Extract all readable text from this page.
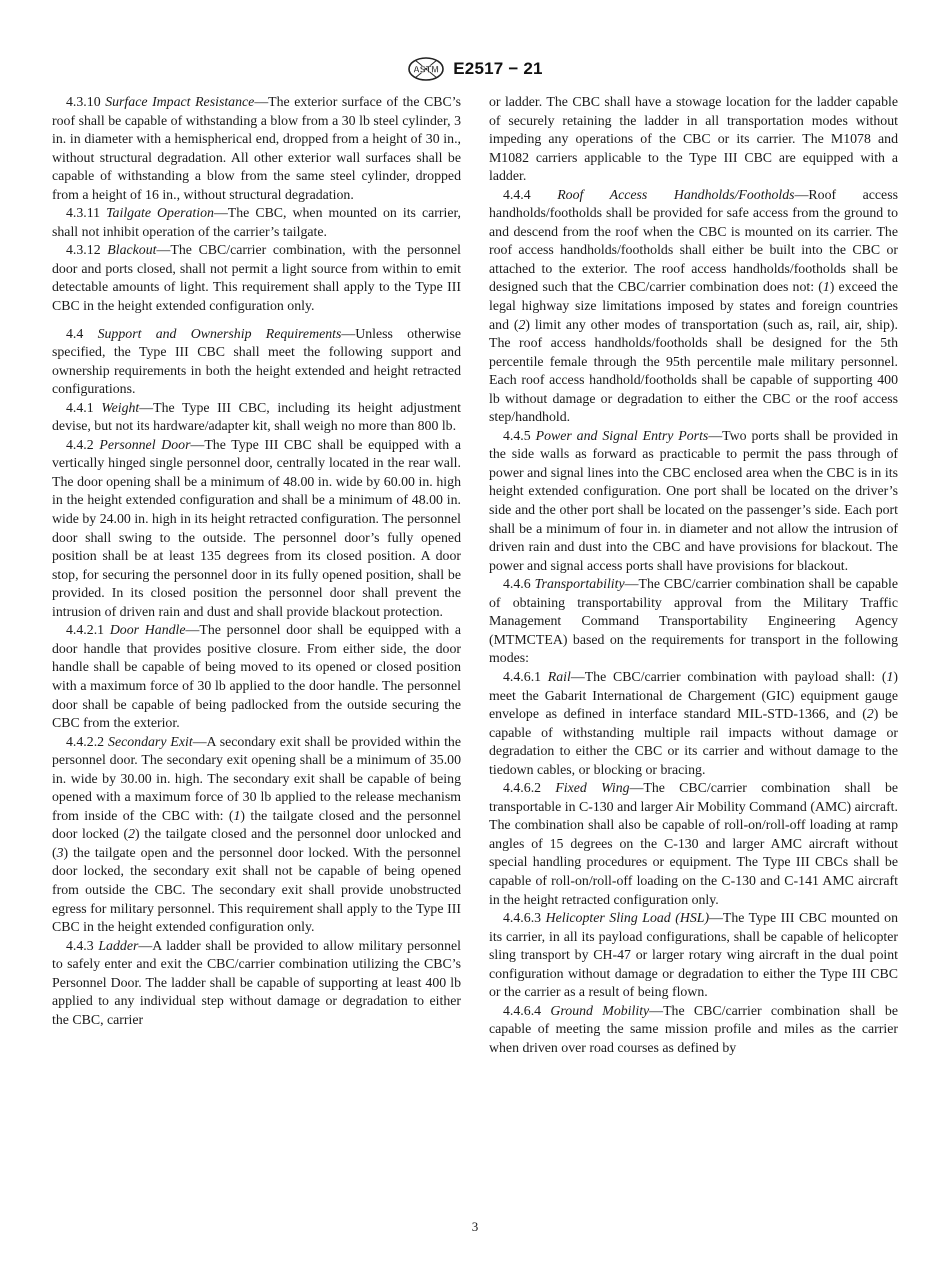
ASTM E2517 − 21

4.3.10 Surface Impact Resistance—The exterior surface of the CBC’s roof shall be capable of withstanding a blow from a 30 lb steel cylinder, 3 in. in diameter with a hemispherical end, dropped from a height of 30 in., without structural degradation. All other exterior wall surfaces shall be capable of withstanding a blow from the same steel cylinder, dropped from a height of 16 in., without structural degradation.

4.3.11 Tailgate Operation—The CBC, when mounted on its carrier, shall not inhibit operation of the carrier’s tailgate.

4.3.12 Blackout—The CBC/carrier combination, with the personnel door and ports closed, shall not permit a light source from within to emit detectable amounts of light. This requirement shall apply to the Type III CBC in the height extended configuration only.

4.4 Support and Ownership Requirements—Unless otherwise specified, the Type III CBC shall meet the following support and ownership requirements in both the height extended and height retracted configurations.

4.4.1 Weight—The Type III CBC, including its height adjustment devise, but not its hardware/adapter kit, shall weigh no more than 800 lb.

4.4.2 Personnel Door—The Type III CBC shall be equipped with a vertically hinged single personnel door, centrally located in the rear wall. The door opening shall be a minimum of 48.00 in. wide by 60.00 in. high in the height extended configuration and shall be a minimum of 48.00 in. wide by 24.00 in. high in its height retracted configuration. The personnel door shall swing to the outside. The personnel door’s fully opened position shall be at least 135 degrees from its closed position. A door stop, for securing the personnel door in its fully opened position, shall be provided. In its closed position the personnel door shall prevent the intrusion of driven rain and dust and shall provide blackout protection.

4.4.2.1 Door Handle—The personnel door shall be equipped with a door handle that provides positive closure. From either side, the door handle shall be capable of being moved to its opened or closed position with a maximum force of 30 lb applied to the door handle. The personnel door shall be capable of being padlocked from the outside securing the CBC from the exterior.

4.4.2.2 Secondary Exit—A secondary exit shall be provided within the personnel door. The secondary exit opening shall be a minimum of 35.00 in. wide by 30.00 in. high. The secondary exit shall be capable of being opened with a maximum force of 30 lb applied to the release mechanism from inside of the CBC with: (1) the tailgate closed and the personnel door locked (2) the tailgate closed and the personnel door unlocked and (3) the tailgate open and the personnel door locked. With the personnel door locked, the secondary exit shall not be capable of being opened from outside the CBC. The secondary exit shall provide unobstructed egress for military personnel. This requirement shall apply to the Type III CBC in the height extended configuration only.

4.4.3 Ladder—A ladder shall be provided to allow military personnel to safely enter and exit the CBC/carrier combination utilizing the CBC’s Personnel Door. The ladder shall be capable of supporting at least 400 lb applied to any individual step without damage or degradation to either the CBC, carrier

or ladder. The CBC shall have a stowage location for the ladder capable of securely retaining the ladder in all transportation modes without impeding any operations of the CBC or its carrier. The M1078 and M1082 carriers applicable to the Type III CBC are equipped with a ladder.

4.4.4 Roof Access Handholds/Footholds—Roof access handholds/footholds shall be provided for safe access from the ground to and descend from the roof when the CBC is mounted on its carrier. The roof access handholds/footholds shall either be built into the CBC or attached to the exterior. The roof access handholds/footholds shall be designed such that the CBC/carrier combination does not: (1) exceed the legal highway size limitations imposed by states and foreign countries and (2) limit any other modes of transportation (such as, rail, air, ship). The roof access handholds/footholds shall be designed for the 5th percentile female through the 95th percentile male military personnel. Each roof access handhold/footholds shall be capable of supporting 400 lb without damage or degradation to either the CBC or the roof access step/handhold.

4.4.5 Power and Signal Entry Ports—Two ports shall be provided in the side walls as forward as practicable to permit the pass through of power and signal lines into the CBC enclosed area when the CBC is in its height extended configuration. One port shall be located on the driver’s side and the other port shall be located on the passenger’s side. Each port shall be a minimum of four in. in diameter and not allow the intrusion of driven rain and dust into the CBC and have provisions for blackout. The power and signal access ports shall have provisions for blackout.

4.4.6 Transportability—The CBC/carrier combination shall be capable of obtaining transportability approval from the Military Traffic Management Command Transportability Engineering Agency (MTMCTEA) based on the requirements for transport in the following modes:

4.4.6.1 Rail—The CBC/carrier combination with payload shall: (1) meet the Gabarit International de Chargement (GIC) equipment gauge envelope as defined in interface standard MIL-STD-1366, and (2) be capable of withstanding multiple rail impacts without damage or degradation to either the CBC or its carrier and without damage to the tiedown cables, or blocking or bracing.

4.4.6.2 Fixed Wing—The CBC/carrier combination shall be transportable in C-130 and larger Air Mobility Command (AMC) aircraft. The combination shall also be capable of roll-on/roll-off loading at ramp angles of 15 degrees on the C-130 and larger AMC aircraft without special handling procedures or equipment. The Type III CBCs shall be capable of roll-on/roll-off loading on the C-130 and C-141 AMC aircraft in the height retracted configuration only.

4.4.6.3 Helicopter Sling Load (HSL)—The Type III CBC mounted on its carrier, in all its payload configurations, shall be capable of helicopter sling transport by CH-47 or larger rotary wing aircraft in the dual point configuration without damage or degradation to either the Type III CBC or the carrier as a result of being flown.

4.4.6.4 Ground Mobility—The CBC/carrier combination shall be capable of meeting the same mission profile and miles as the carrier when driven over road courses as defined by

3
